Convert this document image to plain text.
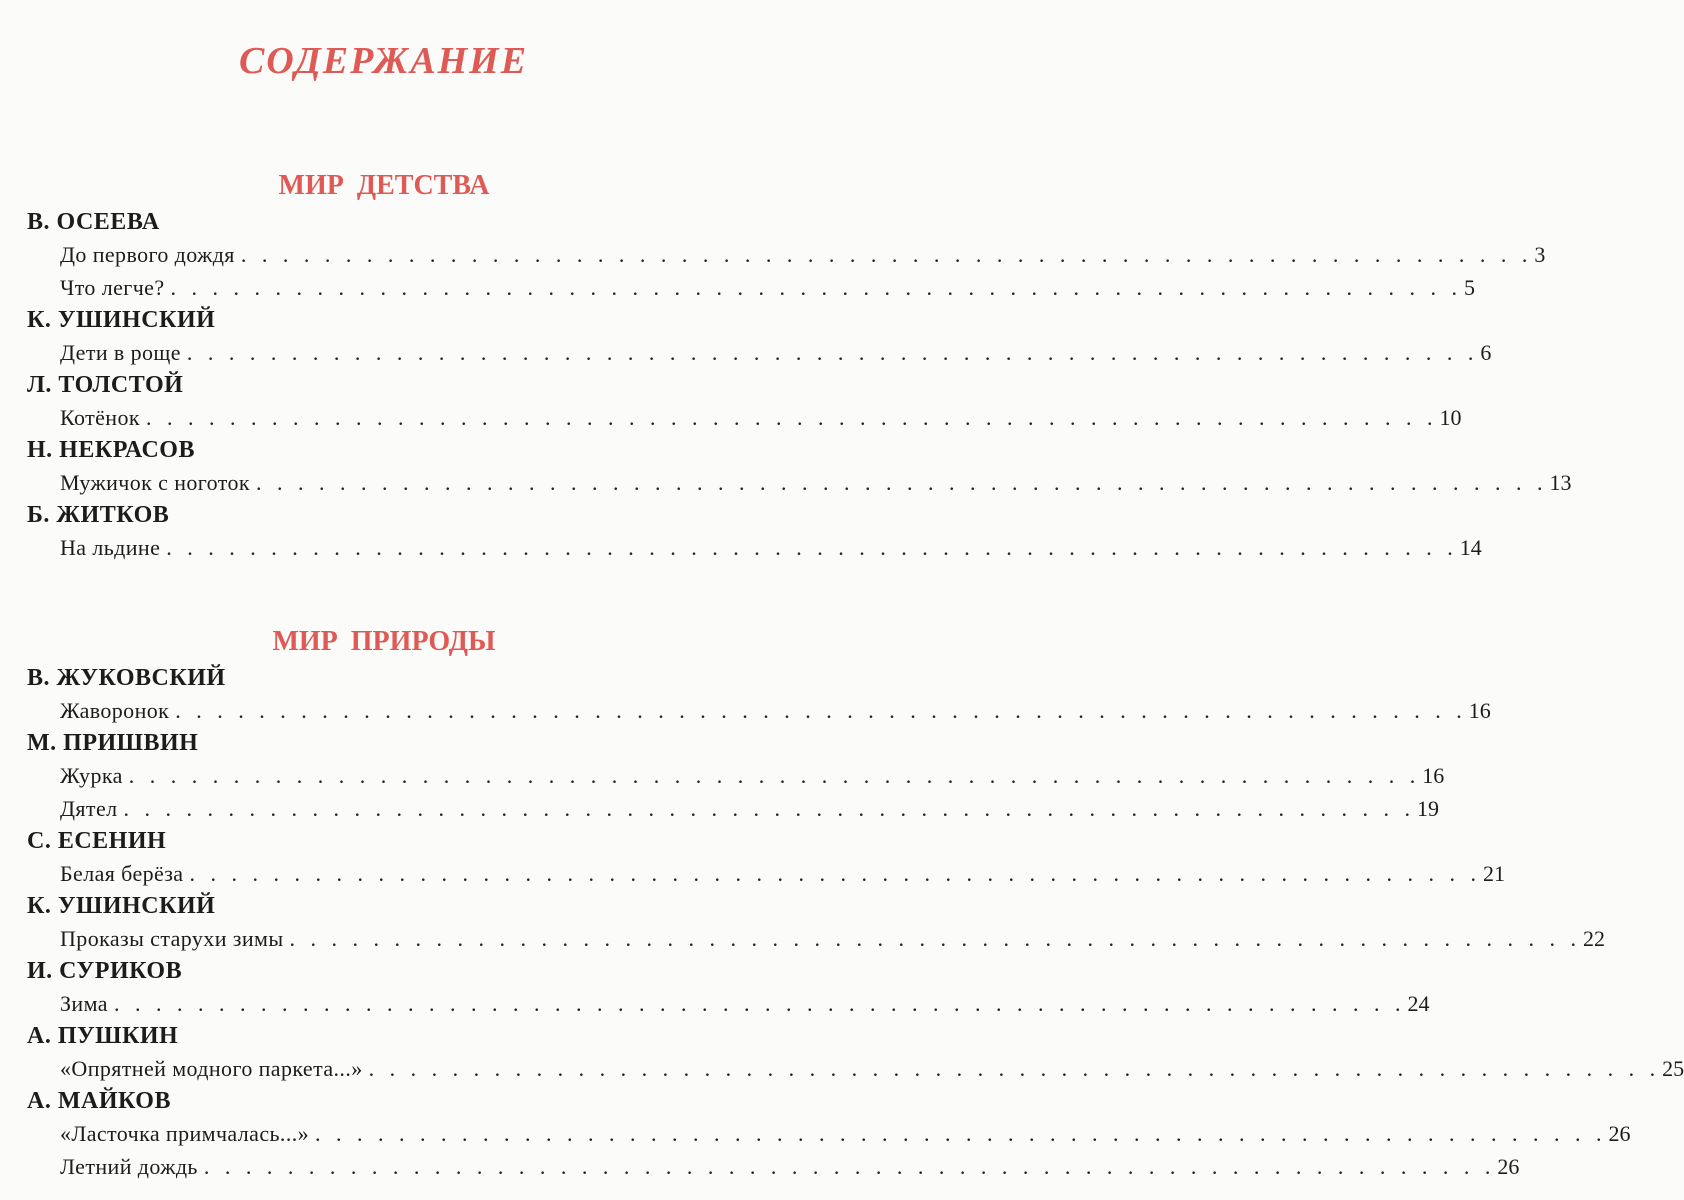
СОДЕРЖАНИЕ
МИР ДЕТСТВА
В. ОСЕЕВА
До первого дождя . . . . . . . . . . . . . . . . . . . . . . . . . . . . . . . . . . . . . . . . . . . . . . . . . . . . . . . . . . . . . . 3
Что легче? . . . . . . . . . . . . . . . . . . . . . . . . . . . . . . . . . . . . . . . . . . . . . . . . . . . . . . . . . . . . . . 5
К. УШИНСКИЙ
Дети в роще . . . . . . . . . . . . . . . . . . . . . . . . . . . . . . . . . . . . . . . . . . . . . . . . . . . . . . . . . . . . . . 6
Л. ТОЛСТОЙ
Котёнок . . . . . . . . . . . . . . . . . . . . . . . . . . . . . . . . . . . . . . . . . . . . . . . . . . . . . . . . . . . . . . 10
Н. НЕКРАСОВ
Мужичок с ноготок . . . . . . . . . . . . . . . . . . . . . . . . . . . . . . . . . . . . . . . . . . . . . . . . . . . . . . . . . . . . . . 13
Б. ЖИТКОВ
На льдине . . . . . . . . . . . . . . . . . . . . . . . . . . . . . . . . . . . . . . . . . . . . . . . . . . . . . . . . . . . . . . 14
МИР ПРИРОДЫ
В. ЖУКОВСКИЙ
Жаворонок . . . . . . . . . . . . . . . . . . . . . . . . . . . . . . . . . . . . . . . . . . . . . . . . . . . . . . . . . . . . . . 16
М. ПРИШВИН
Журка . . . . . . . . . . . . . . . . . . . . . . . . . . . . . . . . . . . . . . . . . . . . . . . . . . . . . . . . . . . . . . 16
Дятел . . . . . . . . . . . . . . . . . . . . . . . . . . . . . . . . . . . . . . . . . . . . . . . . . . . . . . . . . . . . . . 19
С. ЕСЕНИН
Белая берёза . . . . . . . . . . . . . . . . . . . . . . . . . . . . . . . . . . . . . . . . . . . . . . . . . . . . . . . . . . . . . . 21
К. УШИНСКИЙ
Проказы старухи зимы . . . . . . . . . . . . . . . . . . . . . . . . . . . . . . . . . . . . . . . . . . . . . . . . . . . . . . . . . . . . . . 22
И. СУРИКОВ
Зима . . . . . . . . . . . . . . . . . . . . . . . . . . . . . . . . . . . . . . . . . . . . . . . . . . . . . . . . . . . . . . 24
А. ПУШКИН
«Опрятней модного паркета...» . . . . . . . . . . . . . . . . . . . . . . . . . . . . . . . . . . . . . . . . . . . . . . . . . . . . . . . . . . . . . . 25
А. МАЙКОВ
«Ласточка примчалась...» . . . . . . . . . . . . . . . . . . . . . . . . . . . . . . . . . . . . . . . . . . . . . . . . . . . . . . . . . . . . . . 26
Летний дождь . . . . . . . . . . . . . . . . . . . . . . . . . . . . . . . . . . . . . . . . . . . . . . . . . . . . . . . . . . . . . . 26
